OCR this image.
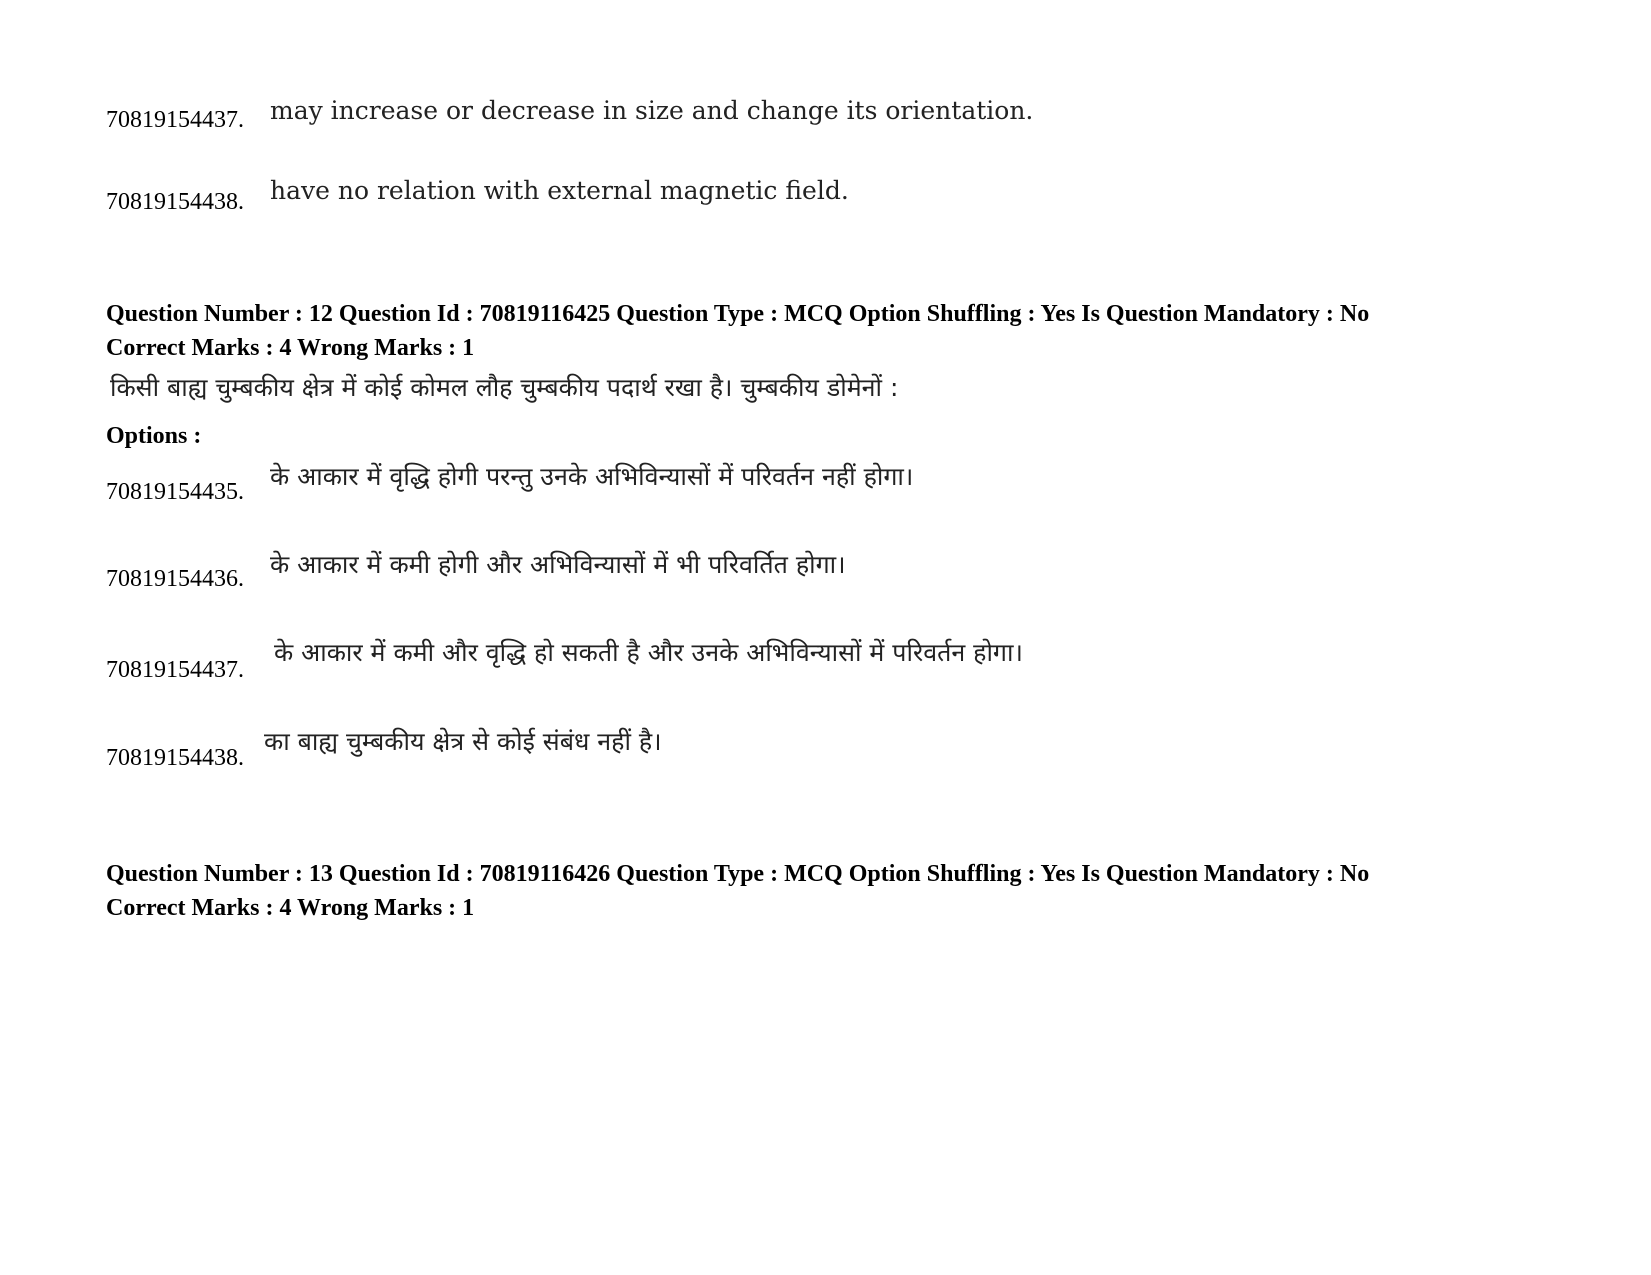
70819154437. may increase or decrease in size and change its orientation.
70819154438. have no relation with external magnetic field.
Question Number : 12 Question Id : 70819116425 Question Type : MCQ Option Shuffling : Yes Is Question Mandatory : No
Correct Marks : 4 Wrong Marks : 1
किसी बाह्य चुम्बकीय क्षेत्र में कोई कोमल लौह चुम्बकीय पदार्थ रखा है। चुम्बकीय डोमेनों :
Options :
70819154435.
के आकार में वृद्धि होगी परन्तु उनके अभिविन्यासों में परिवर्तन नहीं होगा।
70819154436. के आकार में कमी होगी और अभिविन्यासों में भी परिवर्तित होगा।
70819154437.
के आकार में कमी और वृद्धि हो सकती है और उनके अभिविन्यासों में परिवर्तन होगा।
70819154438.
का बाह्य चुम्बकीय क्षेत्र से कोई संबंध नहीं है।
Question Number : 13 Question Id : 70819116426 Question Type : MCQ Option Shuffling : Yes Is Question Mandatory : No
Correct Marks : 4 Wrong Marks : 1
